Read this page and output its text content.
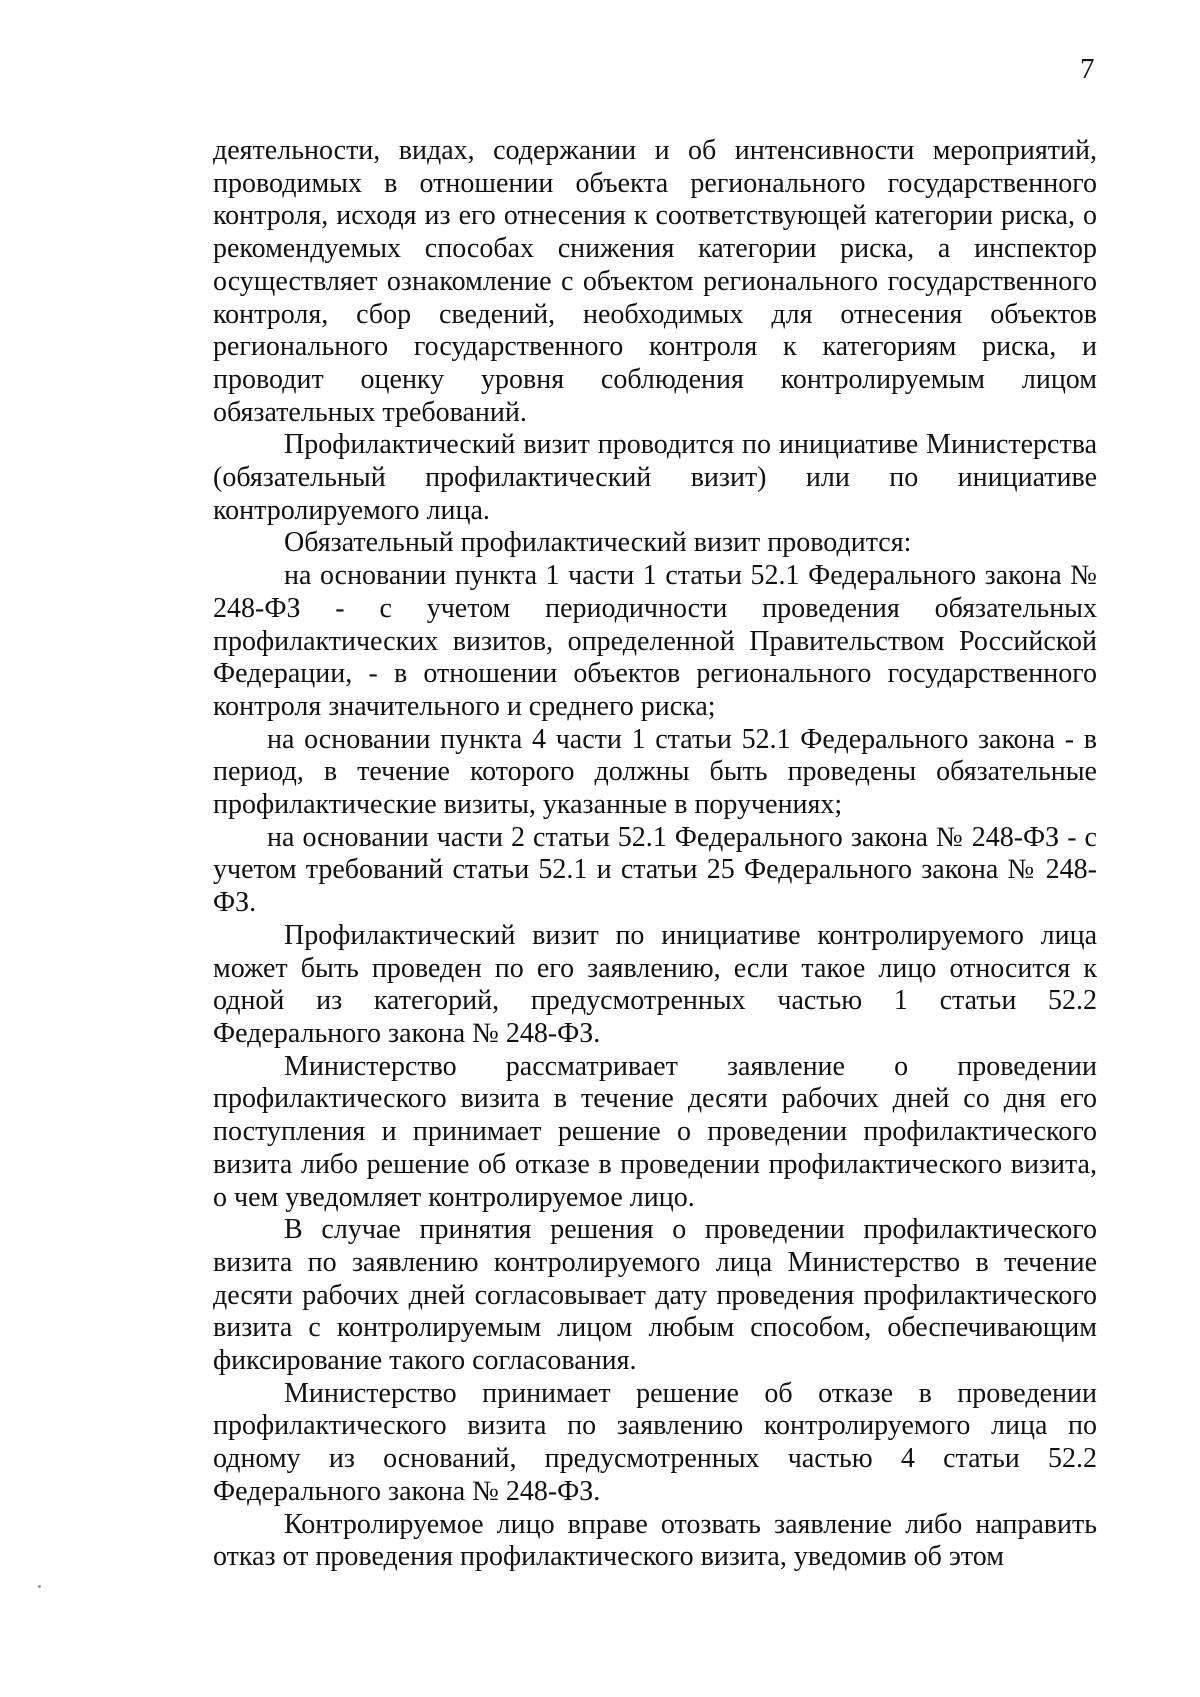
7

деятельности, видах, содержании и об интенсивности мероприятий, проводимых в отношении объекта регионального государственного контроля, исходя из его отнесения к соответствующей категории риска, о рекомендуемых способах снижения категории риска, а инспектор осуществляет ознакомление с объектом регионального государственного контроля, сбор сведений, необходимых для отнесения объектов регионального государственного контроля к категориям риска, и проводит оценку уровня соблюдения контролируемым лицом обязательных требований.

Профилактический визит проводится по инициативе Министерства (обязательный профилактический визит) или по инициативе контролируемого лица.

Обязательный профилактический визит проводится:

на основании пункта 1 части 1 статьи 52.1 Федерального закона № 248-ФЗ - с учетом периодичности проведения обязательных профилактических визитов, определенной Правительством Российской Федерации, - в отношении объектов регионального государственного контроля значительного и среднего риска;

на основании пункта 4 части 1 статьи 52.1 Федерального закона - в период, в течение которого должны быть проведены обязательные профилактические визиты, указанные в поручениях;

на основании части 2 статьи 52.1 Федерального закона № 248-ФЗ - с учетом требований статьи 52.1 и статьи 25 Федерального закона № 248-ФЗ.

Профилактический визит по инициативе контролируемого лица может быть проведен по его заявлению, если такое лицо относится к одной из категорий, предусмотренных частью 1 статьи 52.2 Федерального закона № 248-ФЗ.

Министерство рассматривает заявление о проведении профилактического визита в течение десяти рабочих дней со дня его поступления и принимает решение о проведении профилактического визита либо решение об отказе в проведении профилактического визита, о чем уведомляет контролируемое лицо.

В случае принятия решения о проведении профилактического визита по заявлению контролируемого лица Министерство в течение десяти рабочих дней согласовывает дату проведения профилактического визита с контролируемым лицом любым способом, обеспечивающим фиксирование такого согласования.

Министерство принимает решение об отказе в проведении профилактического визита по заявлению контролируемого лица по одному из оснований, предусмотренных частью 4 статьи 52.2 Федерального закона № 248-ФЗ.

Контролируемое лицо вправе отозвать заявление либо направить отказ от проведения профилактического визита, уведомив об этом
